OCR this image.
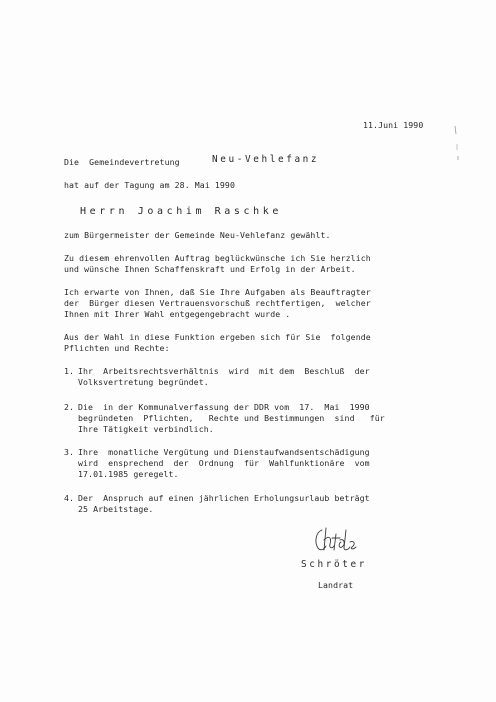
11.Juni 1990
Die  Gemeindevertretung	Neu-Vehlefanz
hat auf der Tagung am 28. Mai 1990
Herrn Joachim Raschke
zum Bürgermeister der Gemeinde Neu-Vehlefanz gewählt.
Zu diesem ehrenvollen Auftrag beglückwünsche ich Sie herzlich
und wünsche Ihnen Schaffenskraft und Erfolg in der Arbeit.
Ich erwarte von Ihnen, daß Sie Ihre Aufgaben als Beauftragter
der  Bürger diesen Vertrauensvorschuß rechtfertigen,  welcher
Ihnen mit Ihrer Wahl entgegengebracht wurde .
Aus der Wahl in diese Funktion ergeben sich für Sie  folgende
Pflichten und Rechte:
1. Ihr  Arbeitsrechtsverhältnis  wird  mit dem  Beschluß  der
Volksvertretung begründet.
2. Die  in der Kommunalverfassung der DDR vom  17.  Mai  1990
begründeten  Pflichten,   Rechte und Bestimmungen  sind   für
Ihre Tätigkeit verbindlich.
3. Ihre  monatliche Vergütung und Dienstaufwandsentschädigung
wird  ensprechend  der  Ordnung  für  Wahlfunktionäre  vom
17.01.1985 geregelt.
4. Der  Anspruch auf einen jährlichen Erholungsurlaub beträgt
25 Arbeitstage.
Schröter
Landrat
